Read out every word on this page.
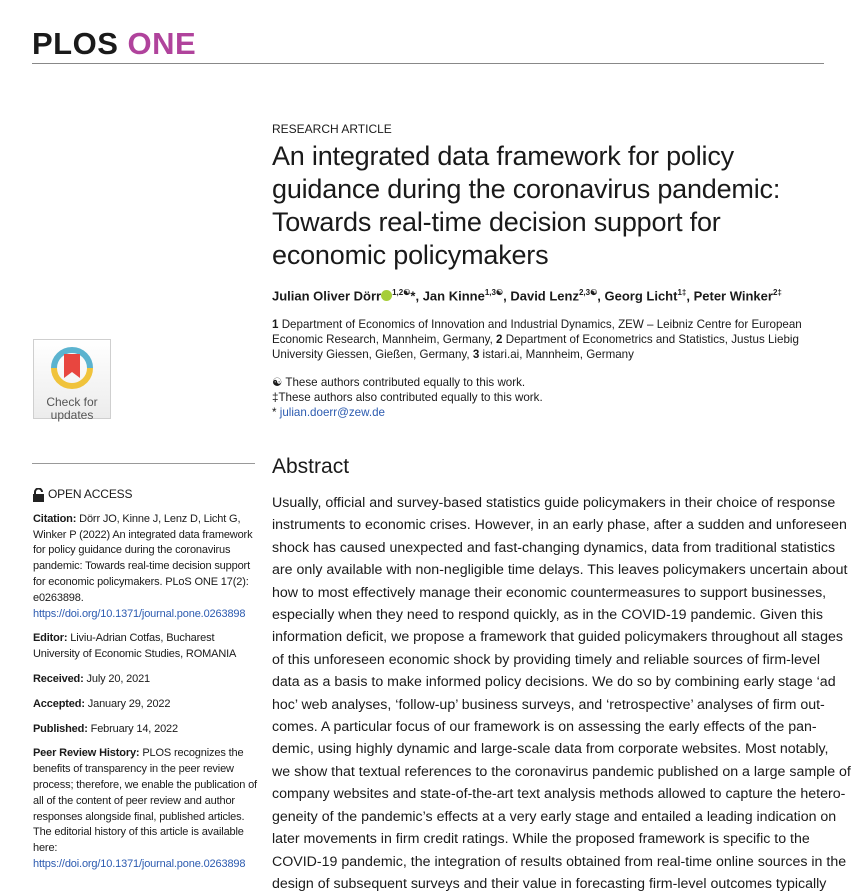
PLOS ONE
Check for
updates
OPEN ACCESS

Citation: Dörr JO, Kinne J, Lenz D, Licht G, Winker P (2022) An integrated data framework for policy guidance during the coronavirus pandemic: Towards real-time decision support for economic policymakers. PLoS ONE 17(2): e0263898. https://doi.org/10.1371/journal.pone.0263898

Editor: Liviu-Adrian Cotfas, Bucharest University of Economic Studies, ROMANIA

Received: July 20, 2021

Accepted: January 29, 2022

Published: February 14, 2022

Peer Review History: PLOS recognizes the benefits of transparency in the peer review process; therefore, we enable the publication of all of the content of peer review and author responses alongside final, published articles. The editorial history of this article is available here: https://doi.org/10.1371/journal.pone.0263898

RESEARCH ARTICLE
An integrated data framework for policy guidance during the coronavirus pandemic: Towards real-time decision support for economic policymakers
Julian Oliver Dörr $^{1,2☯}$*, Jan Kinne$^{1,3☯}$, David Lenz$^{2,3☯}$, Georg Licht$^{1\ddagger}$, Peter Winker$^{2\ddagger}$
1 Department of Economics of Innovation and Industrial Dynamics, ZEW – Leibniz Centre for European Economic Research, Mannheim, Germany, 2 Department of Econometrics and Statistics, Justus Liebig University Giessen, Gießen, Germany, 3 istari.ai, Mannheim, Germany
☯ These authors contributed equally to this work.
‡These authors also contributed equally to this work.
* julian.doerr@zew.de
Abstract
Usually, official and survey-based statistics guide policymakers in their choice of response
instruments to economic crises. However, in an early phase, after a sudden and unforeseen
shock has caused unexpected and fast-changing dynamics, data from traditional statistics
are only available with non-negligible time delays. This leaves policymakers uncertain about
how to most effectively manage their economic countermeasures to support businesses,
especially when they need to respond quickly, as in the COVID-19 pandemic. Given this
information deficit, we propose a framework that guided policymakers throughout all stages
of this unforeseen economic shock by providing timely and reliable sources of firm-level
data as a basis to make informed policy decisions. We do so by combining early stage ‘ad
hoc’ web analyses, ‘follow-up’ business surveys, and ‘retrospective’ analyses of firm out-
comes. A particular focus of our framework is on assessing the early effects of the pan-
demic, using highly dynamic and large-scale data from corporate websites. Most notably,
we show that textual references to the coronavirus pandemic published on a large sample of
company websites and state-of-the-art text analysis methods allowed to capture the hetero-
geneity of the pandemic’s effects at a very early stage and entailed a leading indication on
later movements in firm credit ratings. While the proposed framework is specific to the
COVID-19 pandemic, the integration of results obtained from real-time online sources in the
design of subsequent surveys and their value in forecasting firm-level outcomes typically
